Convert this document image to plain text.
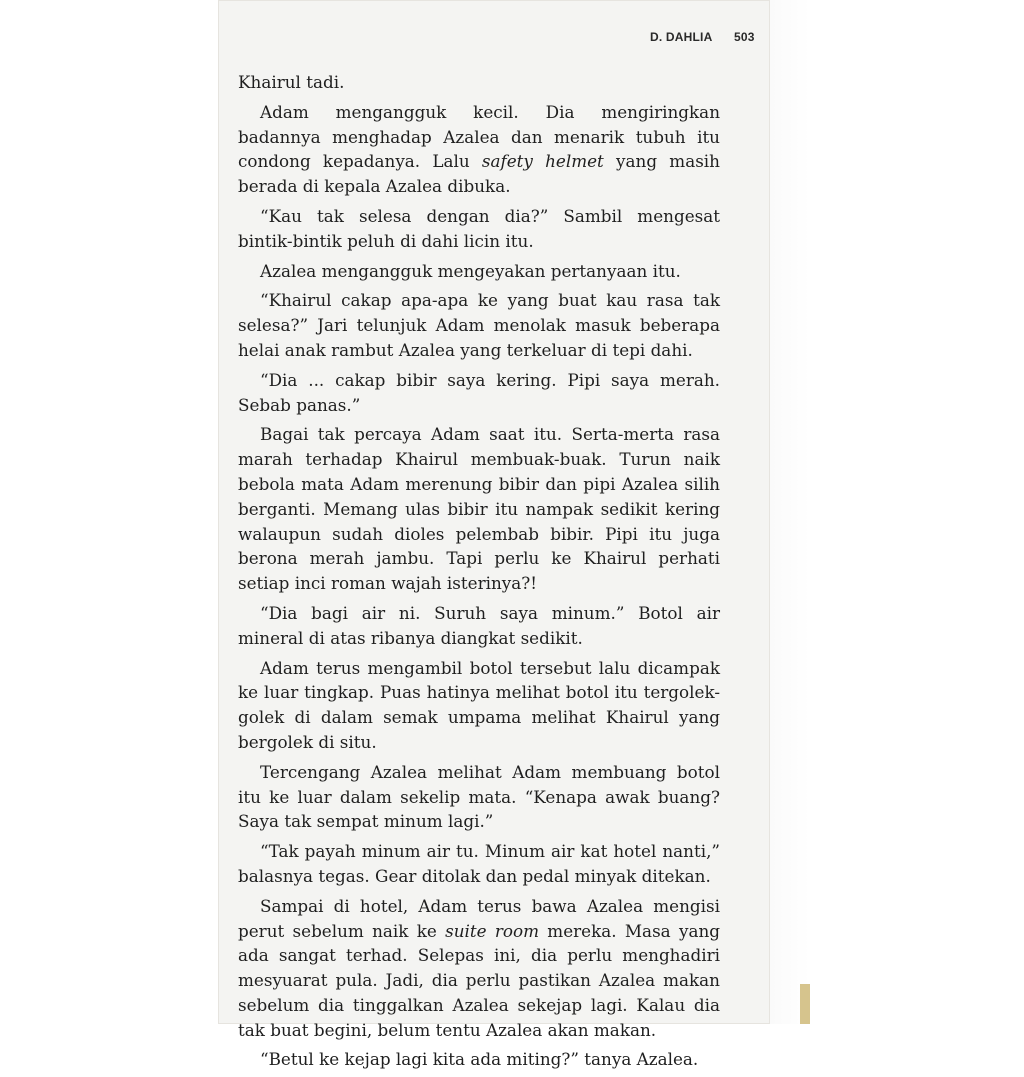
D. DAHLIA 503

Khairul tadi.

Adam mengangguk kecil. Dia mengiringkan badannya menghadap Azalea dan menarik tubuh itu condong kepadanya. Lalu safety helmet yang masih berada di kepala Azalea dibuka.

“Kau tak selesa dengan dia?” Sambil mengesat bintik-bintik peluh di dahi licin itu.

Azalea mengangguk mengeyakan pertanyaan itu.

“Khairul cakap apa-apa ke yang buat kau rasa tak selesa?” Jari telunjuk Adam menolak masuk beberapa helai anak rambut Azalea yang terkeluar di tepi dahi.

“Dia ... cakap bibir saya kering. Pipi saya merah. Sebab panas.”

Bagai tak percaya Adam saat itu. Serta-merta rasa marah terhadap Khairul membuak-buak. Turun naik bebola mata Adam merenung bibir dan pipi Azalea silih berganti. Memang ulas bibir itu nampak sedikit kering walaupun sudah dioles pelembab bibir. Pipi itu juga berona merah jambu. Tapi perlu ke Khairul perhati setiap inci roman wajah isterinya?!

“Dia bagi air ni. Suruh saya minum.” Botol air mineral di atas ribanya diangkat sedikit.

Adam terus mengambil botol tersebut lalu dicampak ke luar tingkap. Puas hatinya melihat botol itu tergolek-golek di dalam semak umpama melihat Khairul yang bergolek di situ.

Tercengang Azalea melihat Adam membuang botol itu ke luar dalam sekelip mata. “Kenapa awak buang? Saya tak sempat minum lagi.”

“Tak payah minum air tu. Minum air kat hotel nanti,” balasnya tegas. Gear ditolak dan pedal minyak ditekan.

Sampai di hotel, Adam terus bawa Azalea mengisi perut sebelum naik ke suite room mereka. Masa yang ada sangat terhad. Selepas ini, dia perlu menghadiri mesyuarat pula. Jadi, dia perlu pastikan Azalea makan sebelum dia tinggalkan Azalea sekejap lagi. Kalau dia tak buat begini, belum tentu Azalea akan makan.

“Betul ke kejap lagi kita ada miting?” tanya Azalea.
